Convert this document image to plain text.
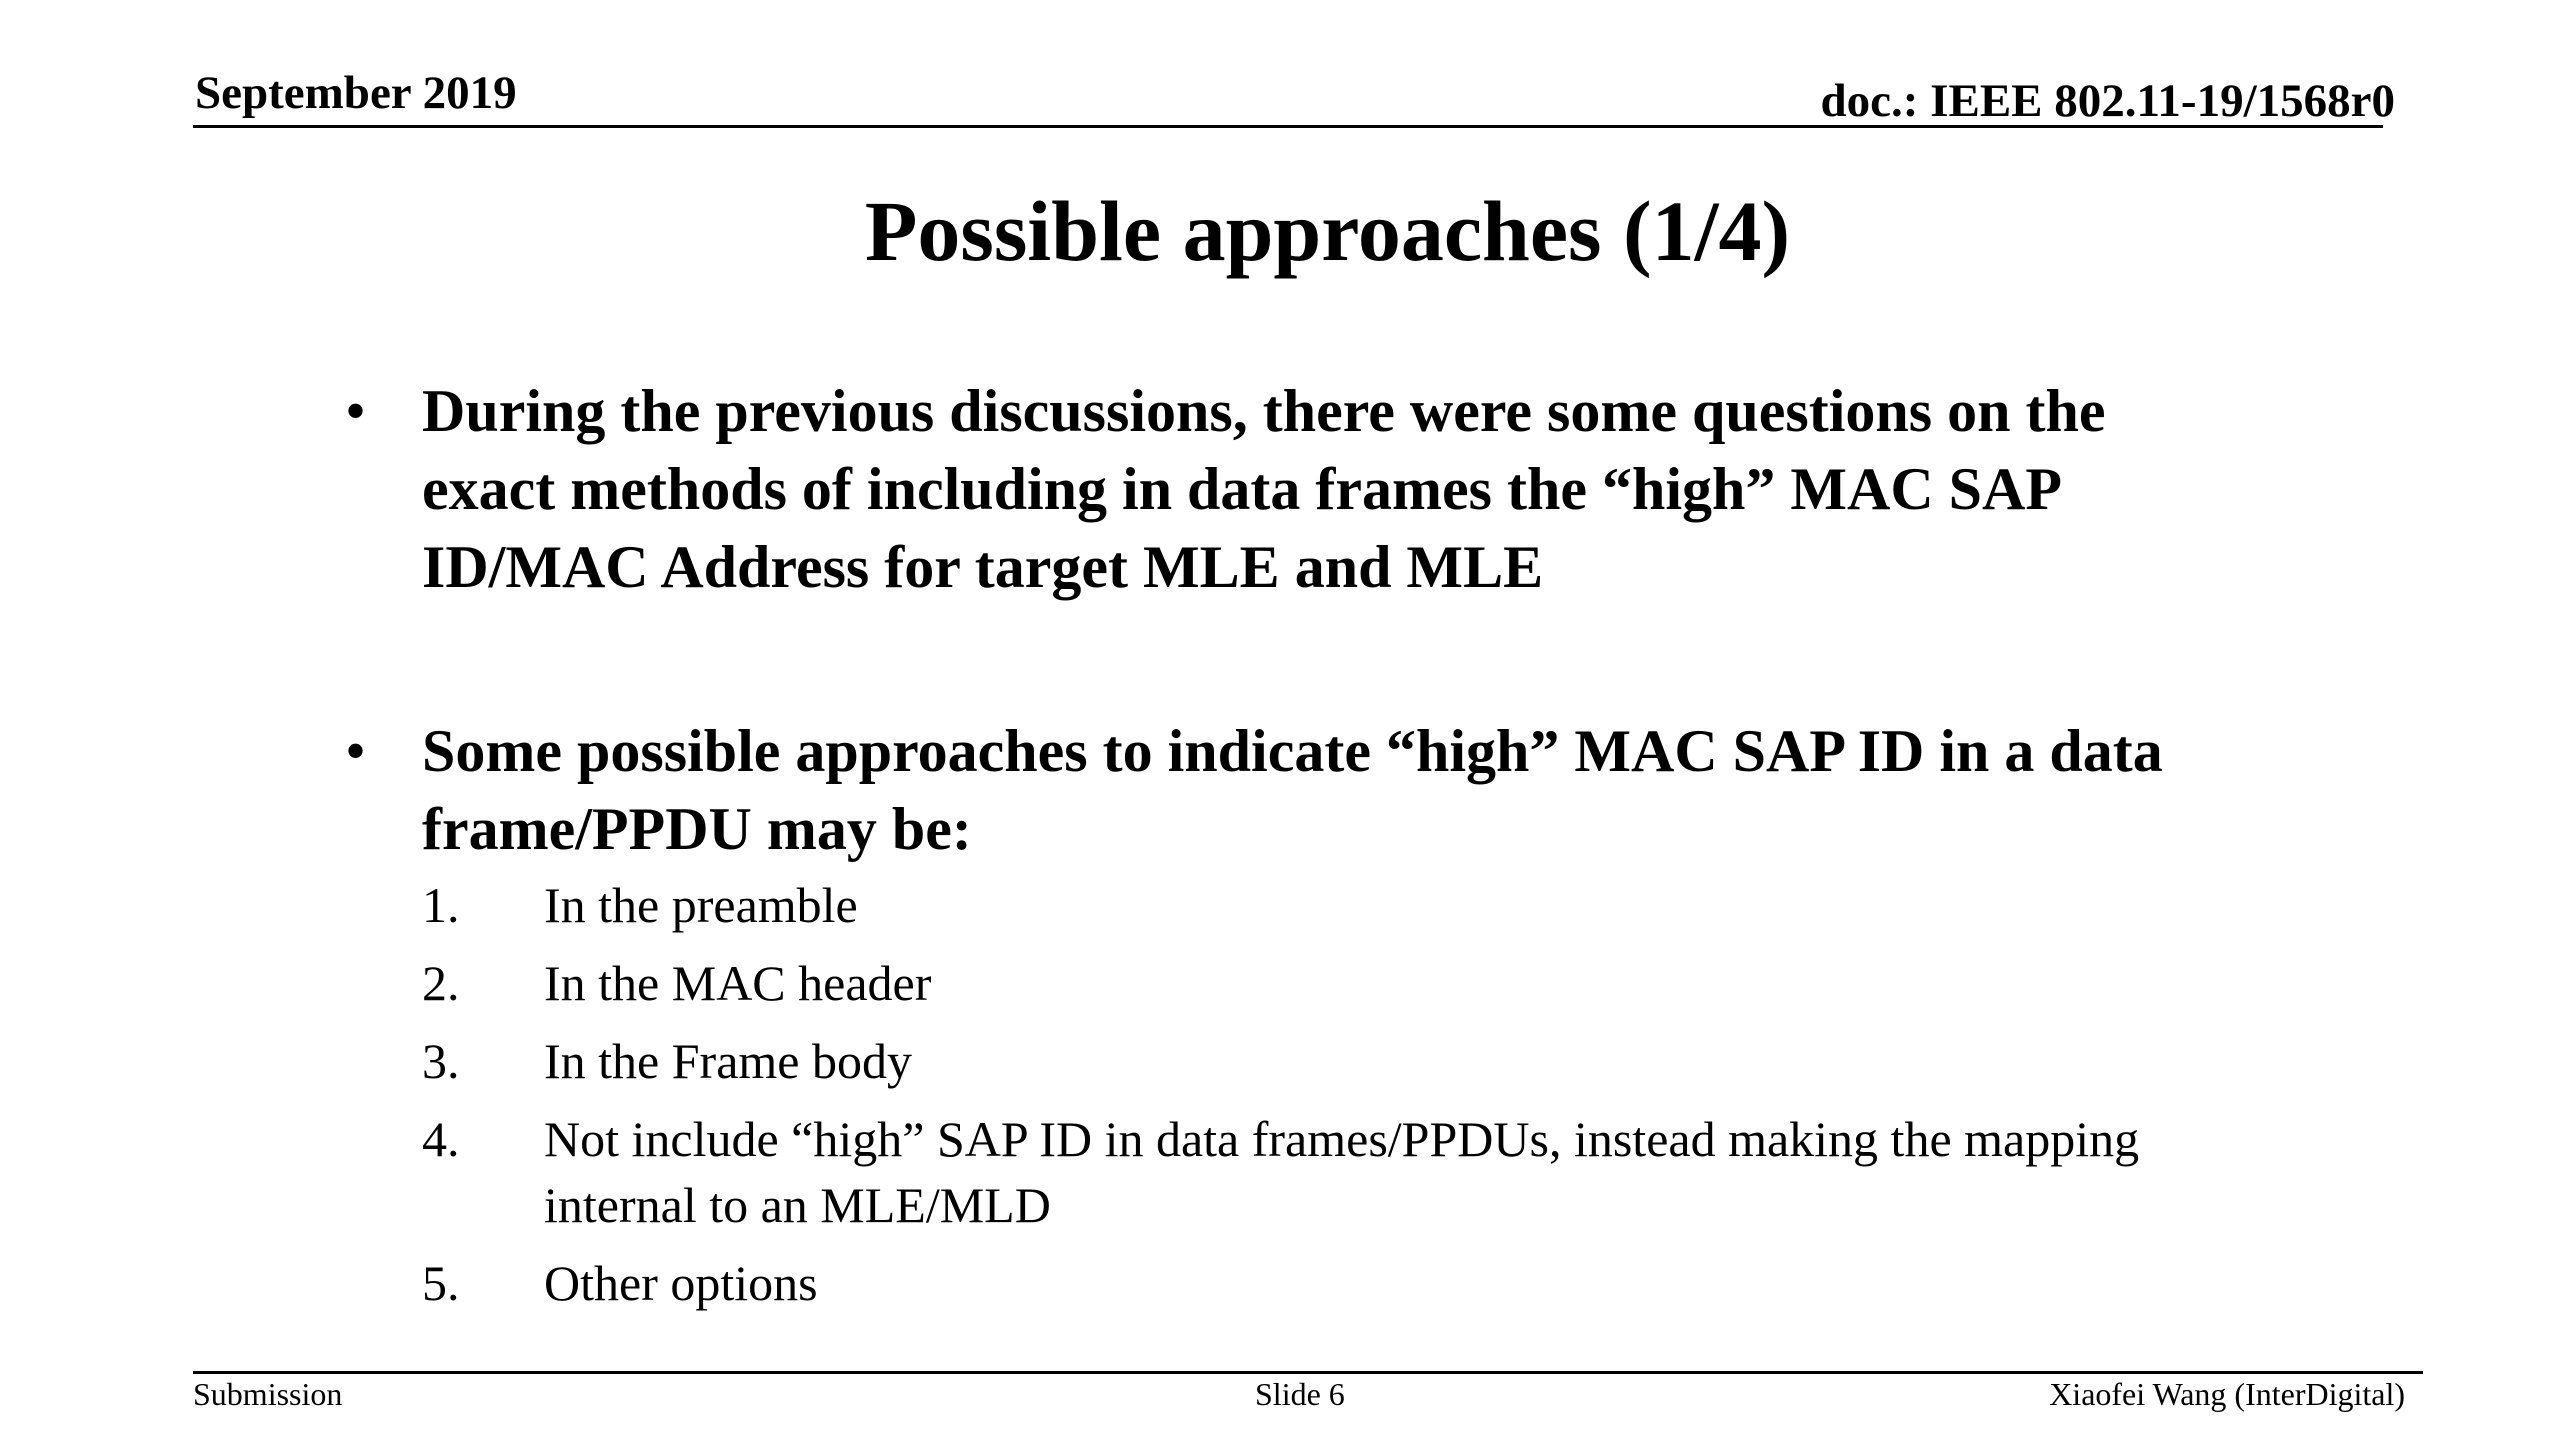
September 2019	doc.: IEEE 802.11-19/1568r0
Possible approaches (1/4)
• During the previous discussions, there were some questions on the exact methods of including in data frames the “high” MAC SAP ID/MAC Address for target MLE and MLE
• Some possible approaches to indicate “high” MAC SAP ID in a data frame/PPDU may be:
1.	In the preamble
2.	In the MAC header
3.	In the Frame body
4.	Not include “high” SAP ID in data frames/PPDUs, instead making the mapping internal to an MLE/MLD
5.	Other options
Submission	Slide 6	Xiaofei Wang (InterDigital)
